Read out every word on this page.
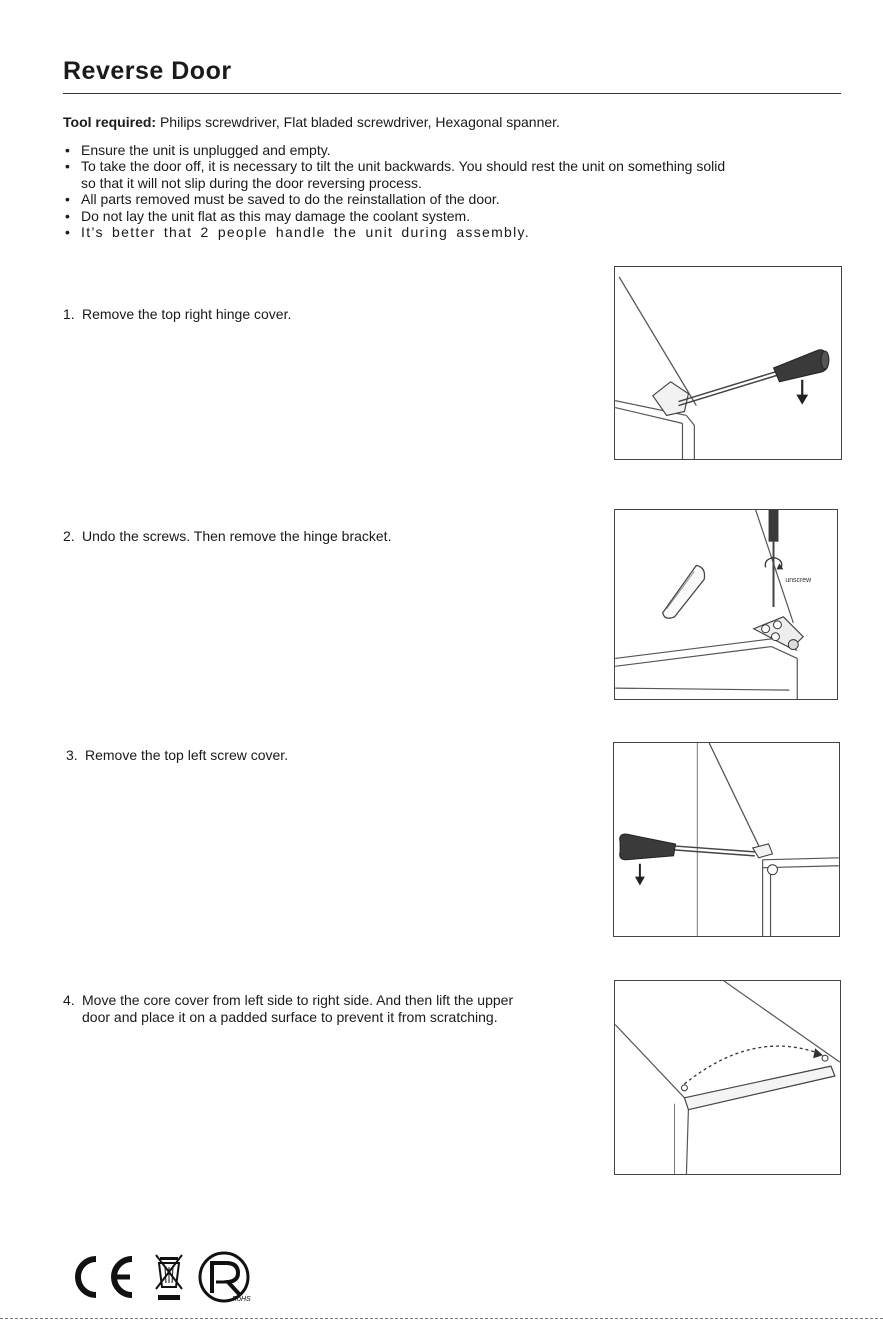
Reverse Door
Tool required: Philips screwdriver, Flat bladed screwdriver, Hexagonal spanner.
• Ensure the unit is unplugged and empty.
• To take the door off, it is necessary to tilt the unit backwards. You should rest the unit on something solid
so that it will not slip during the door reversing process.
• All parts removed must be saved to do the reinstallation of the door.
• Do not lay the unit flat as this may damage the coolant system.
• It’s better that 2 people handle the unit during assembly.
1. Remove the top right hinge cover.
2. Undo the screws. Then remove the hinge bracket.
unscrew
3. Remove the top left screw cover.
4. Move the core cover from left side to right side. And then lift the upper
door and place it on a padded surface to prevent it from scratching.
RoHS
